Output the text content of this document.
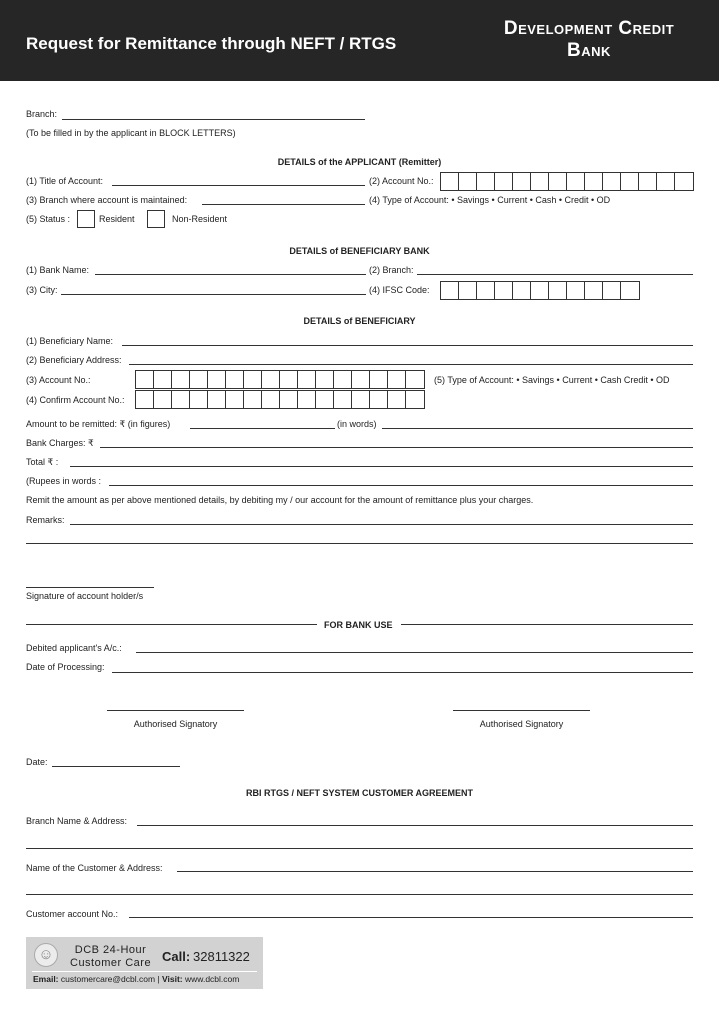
Request for Remittance through NEFT / RTGS
Development Credit
Bank
Branch:
(To be filled in by the applicant in BLOCK LETTERS)
DETAILS of the APPLICANT (Remitter)
(1) Title of Account:	(2) Account No.:
(3) Branch where account is maintained:	(4) Type of Account: • Savings • Current • Cash • Credit • OD
(5) Status :	Resident	Non-Resident
DETAILS of BENEFICIARY BANK
(1) Bank Name:	(2) Branch:
(3) City:	(4) IFSC Code:
DETAILS of BENEFICIARY
(1) Beneficiary Name:
(2) Beneficiary Address:
(3) Account No.:	(5) Type of Account: • Savings • Current • Cash Credit • OD
(4) Confirm Account No.:
Amount to be remitted: ₹ (in figures)	(in words)
Bank Charges: ₹
Total ₹ :
(Rupees in words :
Remit the amount as per above mentioned details, by debiting my / our account for the amount of remittance plus your charges.
Remarks:
Signature of account holder/s
FOR BANK USE
Debited applicant's A/c.:
Date of Processing:
Authorised Signatory	Authorised Signatory
Date:
RBI RTGS / NEFT SYSTEM CUSTOMER AGREEMENT
Branch Name & Address:
Name of the Customer & Address:
Customer account No.:
☺	DCB 24-Hour
Customer Care Call: 32811322
Email: customercare@dcbl.com | Visit: www.dcbl.com
